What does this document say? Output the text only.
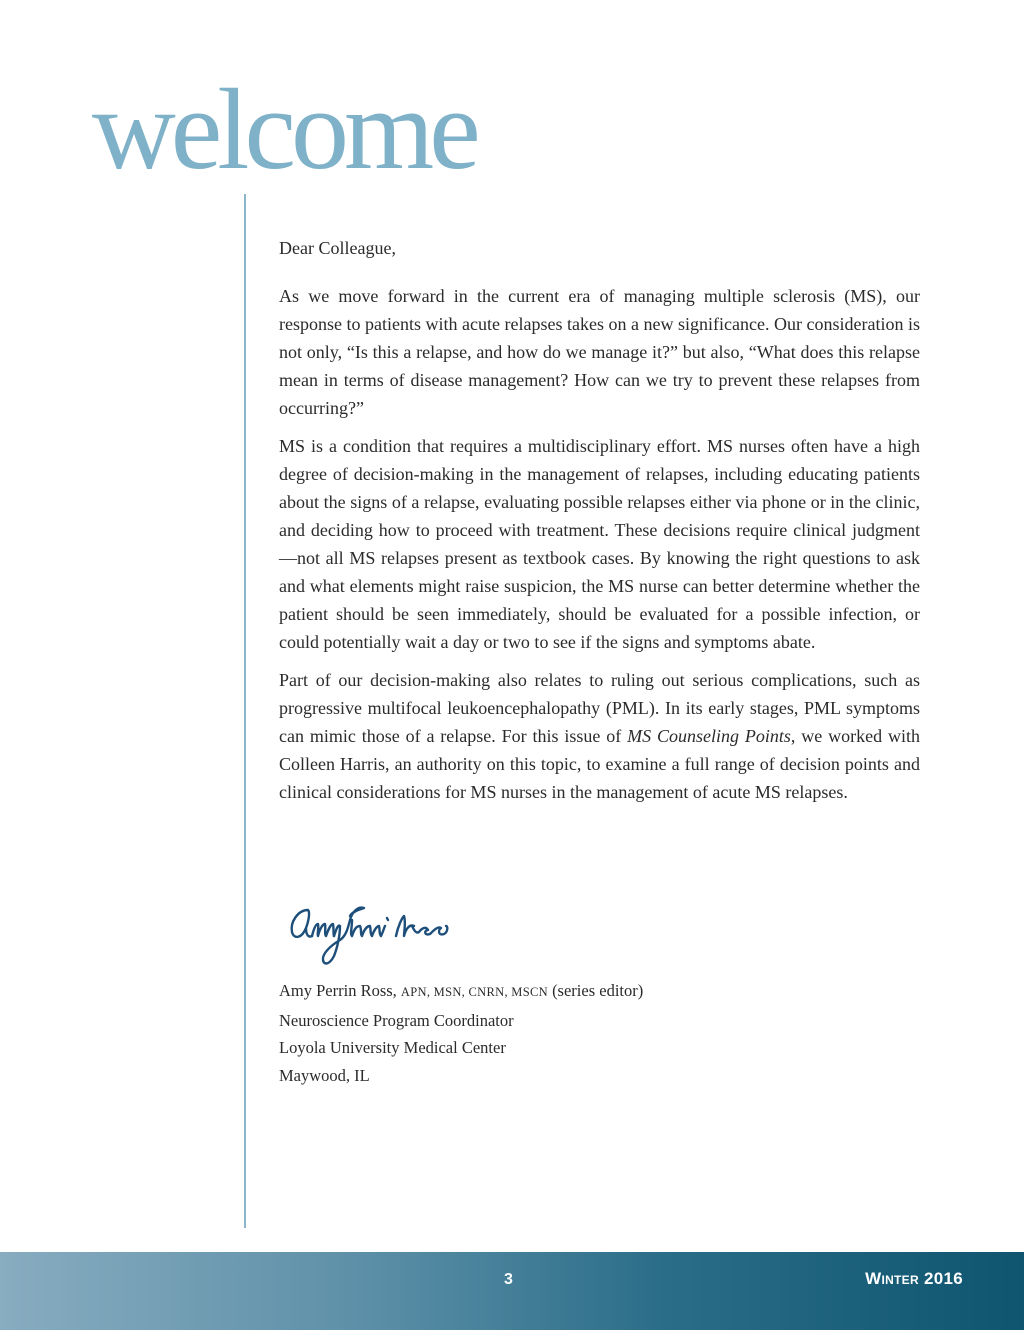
welcome

Dear Colleague,

As we move forward in the current era of managing multiple sclerosis (MS), our response to patients with acute relapses takes on a new significance. Our consideration is not only, “Is this a relapse, and how do we manage it?” but also, “What does this relapse mean in terms of disease management? How can we try to prevent these relapses from occurring?”

MS is a condition that requires a multidisciplinary effort. MS nurses often have a high degree of decision-making in the management of relapses, including educating patients about the signs of a relapse, evaluating possible relapses either via phone or in the clinic, and deciding how to proceed with treatment. These decisions require clinical judgment—not all MS relapses present as textbook cases. By knowing the right questions to ask and what elements might raise suspicion, the MS nurse can better determine whether the patient should be seen immediately, should be evaluated for a possible infection, or could potentially wait a day or two to see if the signs and symptoms abate.

Part of our decision-making also relates to ruling out serious complications, such as progressive multifocal leukoencephalopathy (PML). In its early stages, PML symptoms can mimic those of a relapse. For this issue of MS Counseling Points, we worked with Colleen Harris, an authority on this topic, to examine a full range of decision points and clinical considerations for MS nurses in the management of acute MS relapses.

Amy Perrin Ross, APN, MSN, CNRN, MSCN (series editor)
Neuroscience Program Coordinator
Loyola University Medical Center
Maywood, IL
3	Winter 2016
